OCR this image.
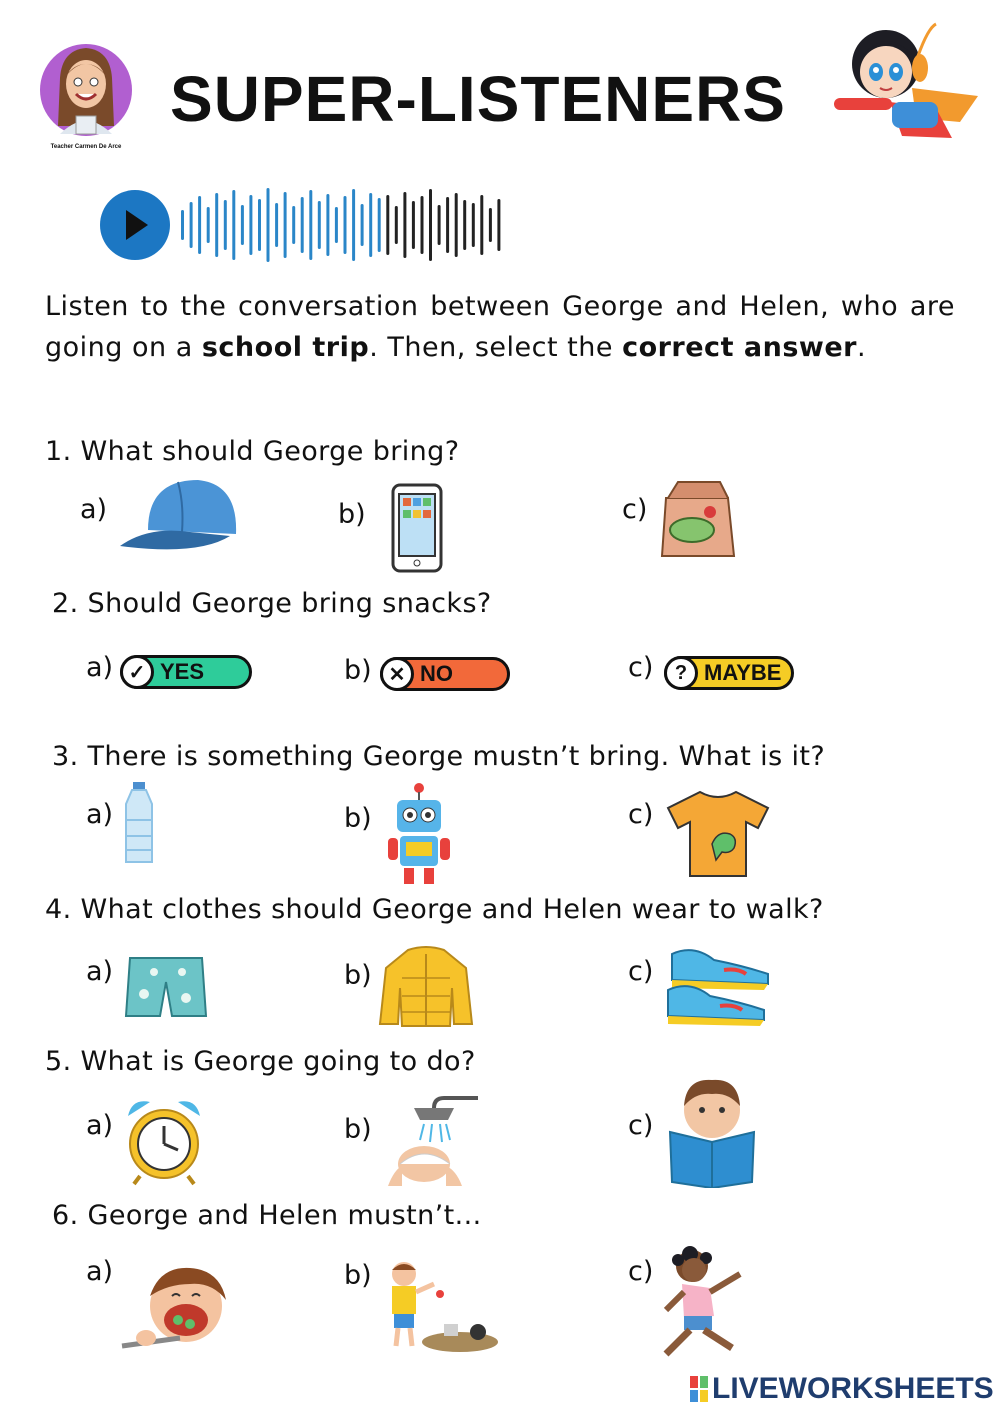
Teacher Carmen De Arce
SUPER-LISTENERS
Listen to the conversation between George and Helen, who are going on a school trip. Then, select the correct answer.
1. What should George bring?
a)	b)	c)
2. Should George bring snacks?
a) ✓ YES	b) ✕ NO	c)	? MAYBE
3. There is something George mustn’t bring. What is it?
a)	b)	c)
4. What clothes should George and Helen wear to walk?
a)	b)	c)
5. What is George going to do?
a)	b)	c)
6. George and Helen mustn’t...
a)	b)	c)
LIVEWORKSHEETS
